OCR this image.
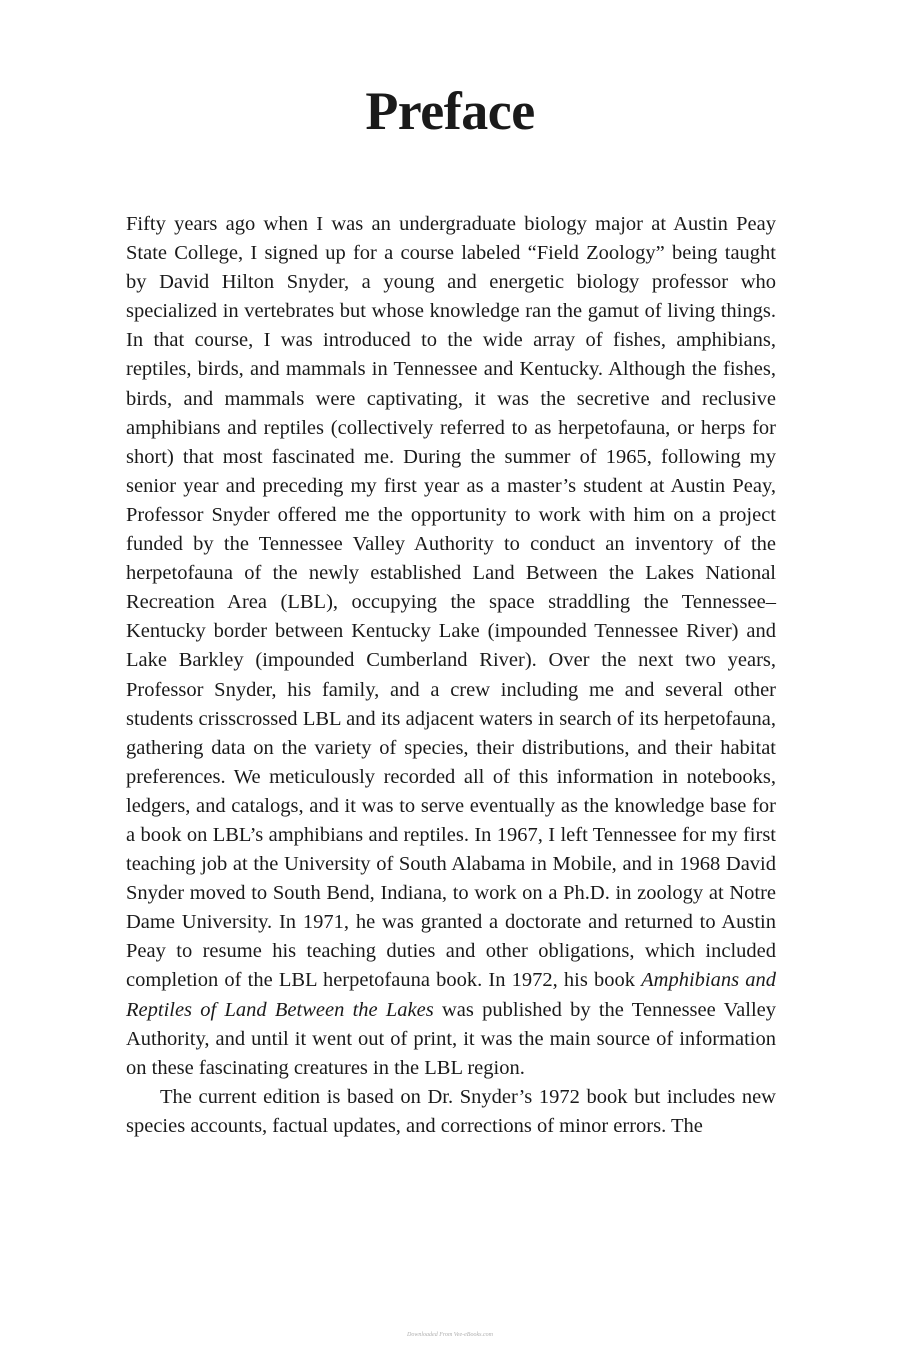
Preface

Fifty years ago when I was an undergraduate biology major at Austin Peay State College, I signed up for a course labeled “Field Zoology” being taught by David Hilton Snyder, a young and energetic biology professor who specialized in vertebrates but whose knowledge ran the gamut of living things. In that course, I was introduced to the wide array of fishes, amphibians, reptiles, birds, and mammals in Tennessee and Kentucky. Although the fishes, birds, and mammals were captivating, it was the secretive and reclusive amphibians and reptiles (collectively referred to as herpetofauna, or herps for short) that most fascinated me. During the summer of 1965, following my senior year and preceding my first year as a master’s student at Austin Peay, Professor Snyder offered me the opportunity to work with him on a project funded by the Tennessee Valley Authority to conduct an inventory of the herpetofauna of the newly established Land Between the Lakes National Recreation Area (LBL), occupying the space straddling the Tennessee–Kentucky border between Kentucky Lake (impounded Tennessee River) and Lake Barkley (impounded Cumberland River). Over the next two years, Professor Snyder, his family, and a crew including me and several other students crisscrossed LBL and its adjacent waters in search of its herpetofauna, gathering data on the variety of species, their distributions, and their habitat preferences. We meticulously recorded all of this information in notebooks, ledgers, and catalogs, and it was to serve eventually as the knowledge base for a book on LBL’s amphibians and reptiles. In 1967, I left Tennessee for my first teaching job at the University of South Alabama in Mobile, and in 1968 David Snyder moved to South Bend, Indiana, to work on a Ph.D. in zoology at Notre Dame University. In 1971, he was granted a doctorate and returned to Austin Peay to resume his teaching duties and other obligations, which included completion of the LBL herpetofauna book. In 1972, his book Amphibians and Reptiles of Land Between the Lakes was published by the Tennessee Valley Authority, and until it went out of print, it was the main source of information on these fascinating creatures in the LBL region.

The current edition is based on Dr. Snyder’s 1972 book but includes new species accounts, factual updates, and corrections of minor errors. The

Downloaded From Vee-eBooks.com
